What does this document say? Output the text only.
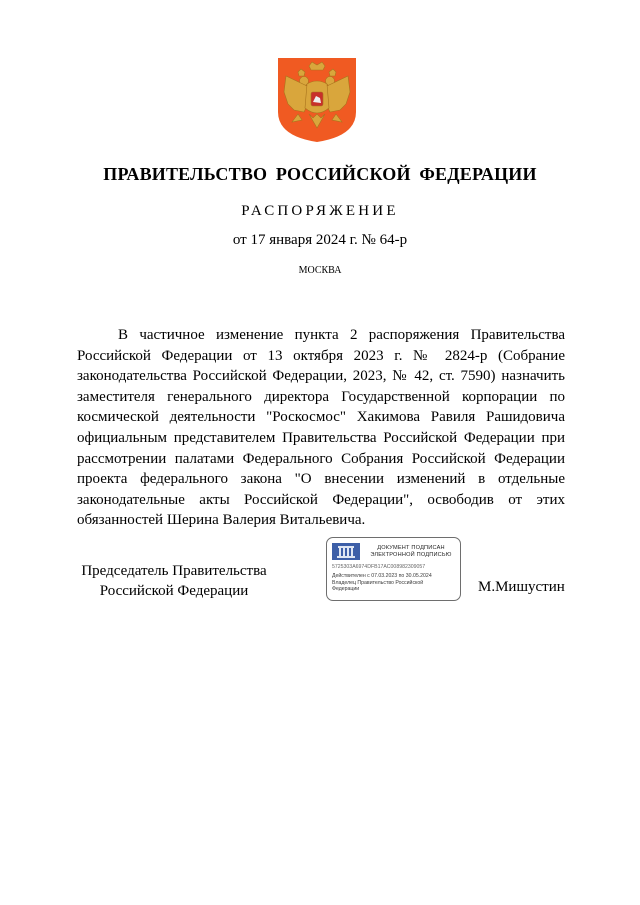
ПРАВИТЕЛЬСТВО РОССИЙСКОЙ ФЕДЕРАЦИИ
РАСПОРЯЖЕНИЕ
от 17 января 2024 г. № 64-р
МОСКВА

В частичное изменение пункта 2 распоряжения Правительства Российской Федерации от 13 октября 2023 г. № 2824-р (Собрание законодательства Российской Федерации, 2023, № 42, ст. 7590) назначить заместителя генерального директора Государственной корпорации по космической деятельности "Роскосмос" Хакимова Равиля Рашидовича официальным представителем Правительства Российской Федерации при рассмотрении палатами Федерального Собрания Российской Федерации проекта федерального закона "О внесении изменений в отдельные законодательные акты Российской Федерации", освободив от этих обязанностей Шерина Валерия Витальевича.

Председатель Правительства
Российской Федерации
ДОКУМЕНТ ПОДПИСАН
ЭЛЕКТРОННОЙ ПОДПИСЬЮ
5725303A6974DFB17AC008982309057
Действителен с 07.03.2023 по 30.05.2024
Владелец Правительство Российской
Федерации	М.Мишустин
